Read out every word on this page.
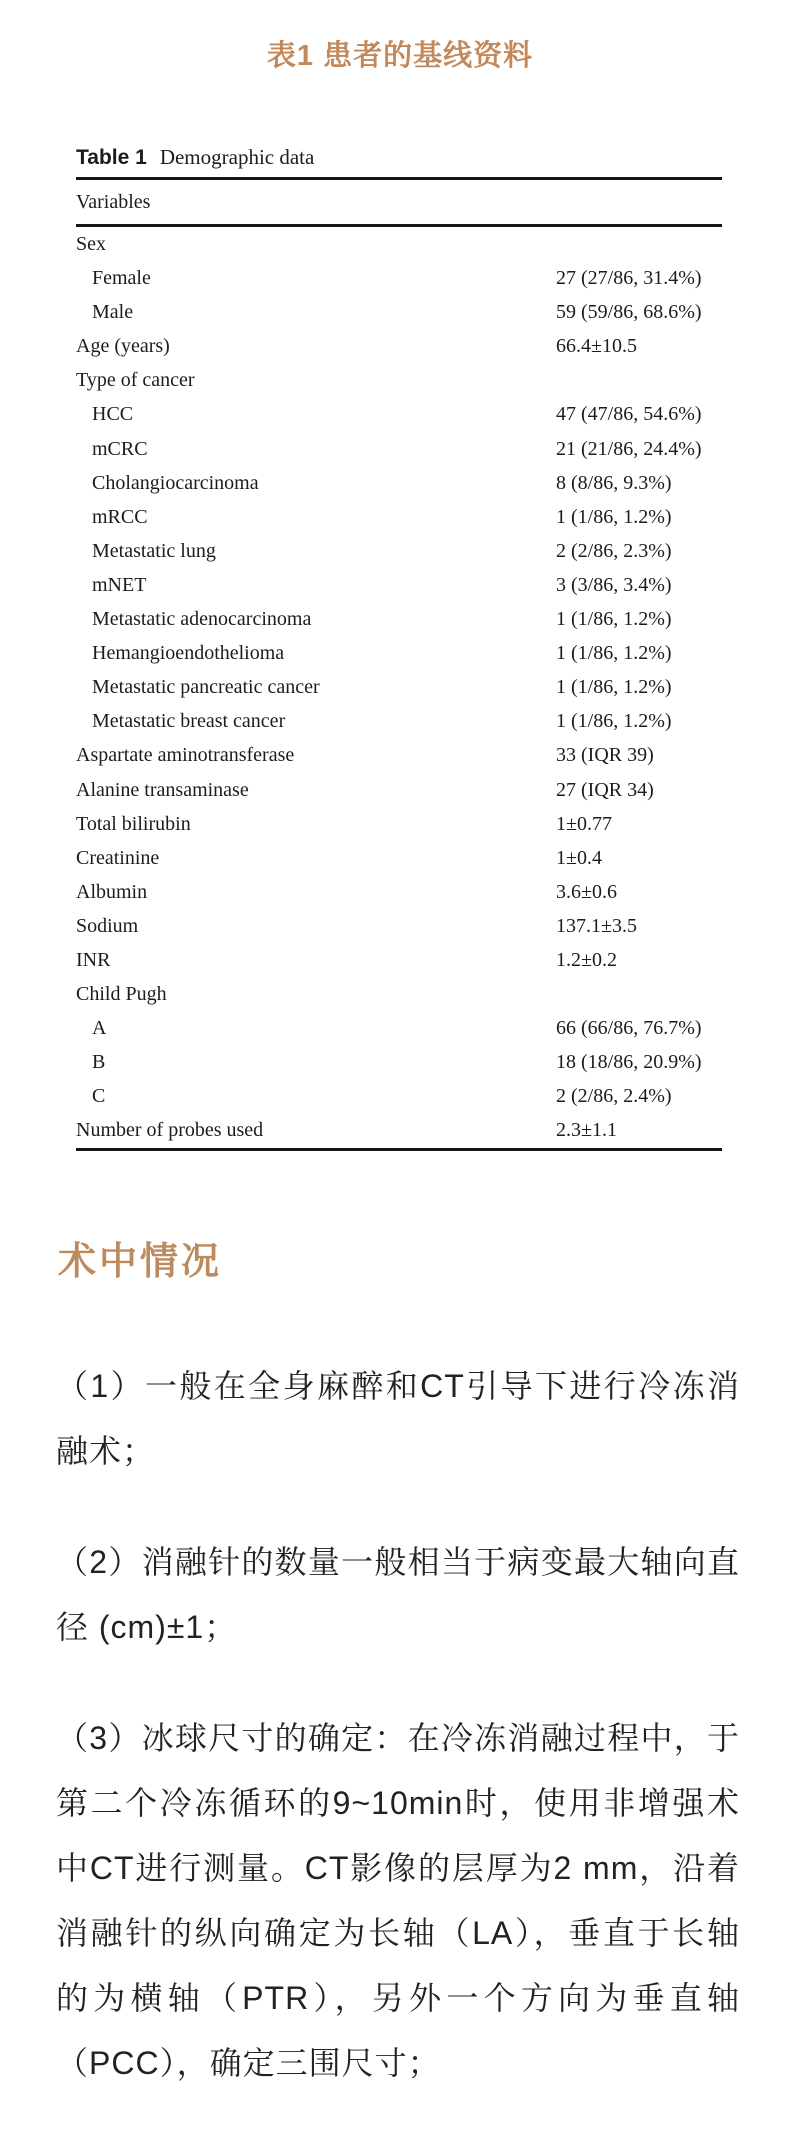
表1 患者的基线资料
Table 1 Demographic data
Variables
Sex
Female	27 (27/86, 31.4%)
Male	59 (59/86, 68.6%)
Age (years)	66.4±10.5
Type of cancer
HCC	47 (47/86, 54.6%)
mCRC	21 (21/86, 24.4%)
Cholangiocarcinoma	8 (8/86, 9.3%)
mRCC	1 (1/86, 1.2%)
Metastatic lung	2 (2/86, 2.3%)
mNET	3 (3/86, 3.4%)
Metastatic adenocarcinoma	1 (1/86, 1.2%)
Hemangioendothelioma	1 (1/86, 1.2%)
Metastatic pancreatic cancer	1 (1/86, 1.2%)
Metastatic breast cancer	1 (1/86, 1.2%)
Aspartate aminotransferase	33 (IQR 39)
Alanine transaminase	27 (IQR 34)
Total bilirubin	1±0.77
Creatinine	1±0.4
Albumin	3.6±0.6
Sodium	137.1±3.5
INR	1.2±0.2
Child Pugh
A	66 (66/86, 76.7%)
B	18 (18/86, 20.9%)
C	2 (2/86, 2.4%)
Number of probes used	2.3±1.1
术中情况

（1）一般在全身麻醉和CT引导下进行冷冻消融术；

（2）消融针的数量一般相当于病变最大轴向直径 (cm)±1；

（3）冰球尺寸的确定：在冷冻消融过程中，于第二个冷冻循环的9~10min时，使用非增强术中CT进行测量。CT影像的层厚为2 mm，沿着消融针的纵向确定为长轴（LA），垂直于长轴的为横轴（PTR），另外一个方向为垂直轴（PCC），确定三围尺寸；
